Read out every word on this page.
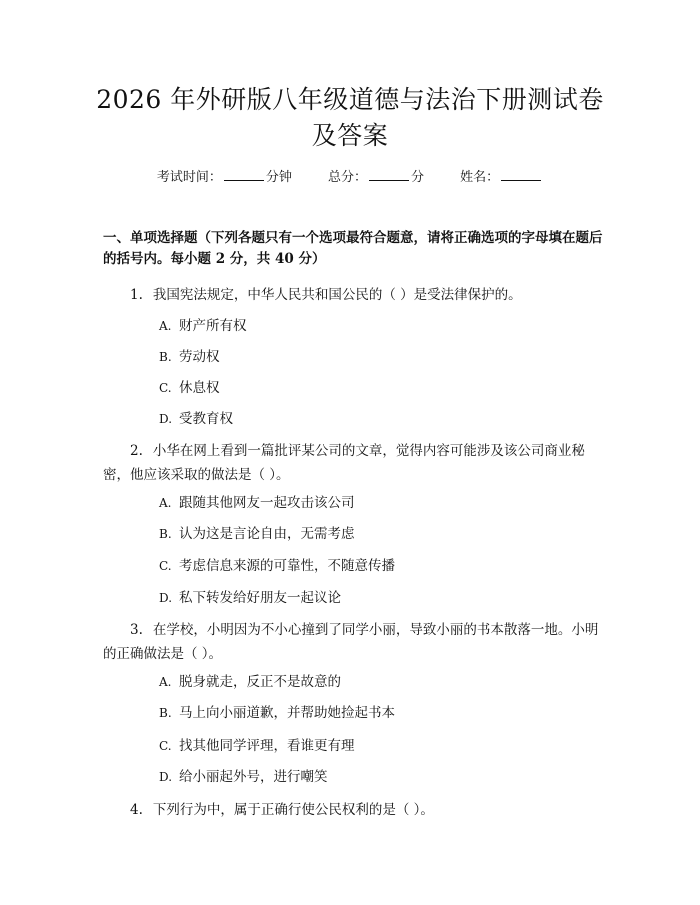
2026 年外研版八年级道德与法治下册测试卷
及答案
考试时间：	分钟	总分：	分	姓名：

一、单项选择题（下列各题只有一个选项最符合题意，请将正确选项的字母填在题后的括号内。每小题 2 分，共 40 分）

1. 我国宪法规定，中华人民共和国公民的（ ）是受法律保护的。

A. 财产所有权

B. 劳动权

C. 休息权

D. 受教育权

2. 小华在网上看到一篇批评某公司的文章，觉得内容可能涉及该公司商业秘密，他应该采取的做法是（ ）。

A. 跟随其他网友一起攻击该公司

B. 认为这是言论自由，无需考虑

C. 考虑信息来源的可靠性，不随意传播

D. 私下转发给好朋友一起议论

3. 在学校，小明因为不小心撞到了同学小丽，导致小丽的书本散落一地。小明的正确做法是（ ）。

A. 脱身就走，反正不是故意的

B. 马上向小丽道歉，并帮助她捡起书本

C. 找其他同学评理，看谁更有理

D. 给小丽起外号，进行嘲笑

4. 下列行为中，属于正确行使公民权利的是（ ）。
